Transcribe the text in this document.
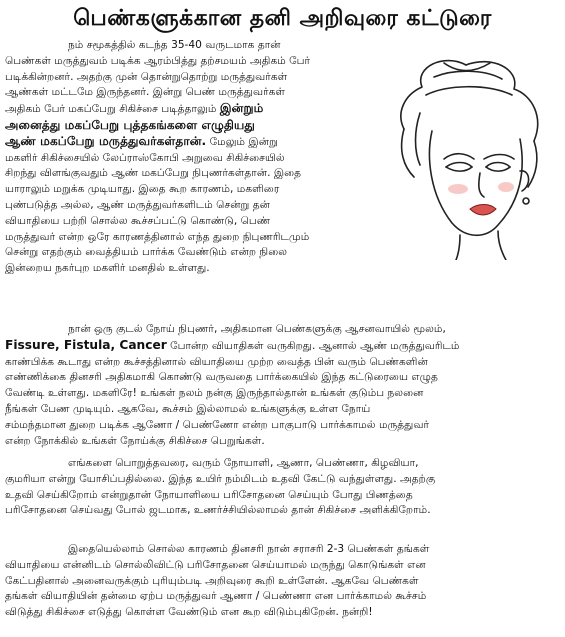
பெண்களுக்கான தனி அறிவுரை கட்டுரை
நம் சமூகத்தில் கடந்த 35-40 வருடமாக தான்
பெண்கள் மருத்துவம் படிக்க ஆரம்பித்து தற்சமயம் அதிகம் பேர்
படிக்கின்றனர். அதற்கு முன் தொன்றுதொற்று மருத்துவர்கள்
ஆண்கள் மட்டமே இருந்தனர். இன்று பெண் மருத்துவர்கள்
அதிகம் பேர் மகப்பேறு சிகிச்சை படித்தாலும் இன்றும்
அனைத்து மகப்பேறு புத்தகங்களை எழுதியது
ஆண் மகப்பேறு மருத்துவர்கள்தான். மேலும் இன்று
மகளிர் சிகிச்சையில் லேப்ராஸ்கோபி அறுவை சிகிச்சையில்
சிறந்து விளங்குவதும் ஆண் மகப்பேறு நிபுணர்கள்தான். இதை
யாராலும் மறுக்க முடியாது. இதை கூற காரணம், மகளிரை
புண்படுத்த அல்ல, ஆண் மருத்துவர்களிடம் சென்று தன்
வியாதியை பற்றி சொல்ல கூச்சப்பட்டு கொண்டு, பெண்
மருத்துவர் என்ற ஒரே காரணத்தினால் எந்த துறை நிபுணரிடமும்
சென்று எதற்கும் வைத்தியம் பார்க்க வேண்டும் என்ற நிலை
இன்றைய நகர்புற மகளிர் மனதில் உள்ளது.
நான் ஒரு குடல் நோய் நிபுணர், அதிகமான பெண்களுக்கு ஆசனவாயில் மூலம்,
Fissure, Fistula, Cancer போன்ற வியாதிகள் வருகிறது. ஆனால் ஆண் மருத்துவரிடம்
காண்பிக்க கூடாது என்ற கூச்சத்தினால் வியாதியை முற்ற வைத்த பின் வரும் பெண்களின்
எண்ணிக்கை தினசரி அதிகமாகி கொண்டு வருவதை பார்க்கையில் இந்த கட்டுரையை எழுத
வேண்டி உள்ளது. மகளிரே! உங்கள் நலம் நன்கு இருந்தால்தான் உங்கள் குடும்ப நலனை
நீங்கள் பேண முடியும். ஆகவே, கூச்சம் இல்லாமல் உங்களுக்கு உள்ள நோய்
சம்மந்தமான துறை படிக்க ஆணோ / பெண்ணோ என்ற பாகுபாடு பார்க்காமல் மருத்துவர்
என்ற நோக்கில் உங்கள் நோய்க்கு சிகிச்சை பெறுங்கள்.
எங்களை பொறுத்தவரை, வரும் நோயாளி, ஆணா, பெண்ணா, கிழவியா,
குமரியா என்று யோசிப்பதில்லை. இந்த உயிர் நம்மிடம் உதவி கேட்டு வந்துள்ளது. அதற்கு
உதவி செய்கிறோம் என்றுதான் நோயாளியை பரிசோதனை செய்யும் போது பிணத்தை
பரிசோதனை செய்வது போல் ஜடமாக, உணர்ச்சியில்லாமல் தான் சிகிச்சை அளிக்கிறோம்.
இதையெல்லாம் சொல்ல காரணம் தினசரி நான் சராசரி 2-3 பெண்கள் தங்கள்
வியாதியை என்னிடம் சொல்லிவிட்டு பரிசோதனை செய்யாமல் மருந்து கொடுங்கள் என
கேட்பதினால் அனைவருக்கும் புரியும்படி அறிவுரை கூறி உள்ளேன். ஆகவே பெண்கள்
தங்கள் வியாதியின் தன்மை ஏற்ப மருத்துவர் ஆணா / பெண்ணா என பார்க்காமல் கூச்சம்
விடுத்து சிகிச்சை எடுத்து கொள்ள வேண்டும் என கூற விடும்புகிறேன். நன்றி!
